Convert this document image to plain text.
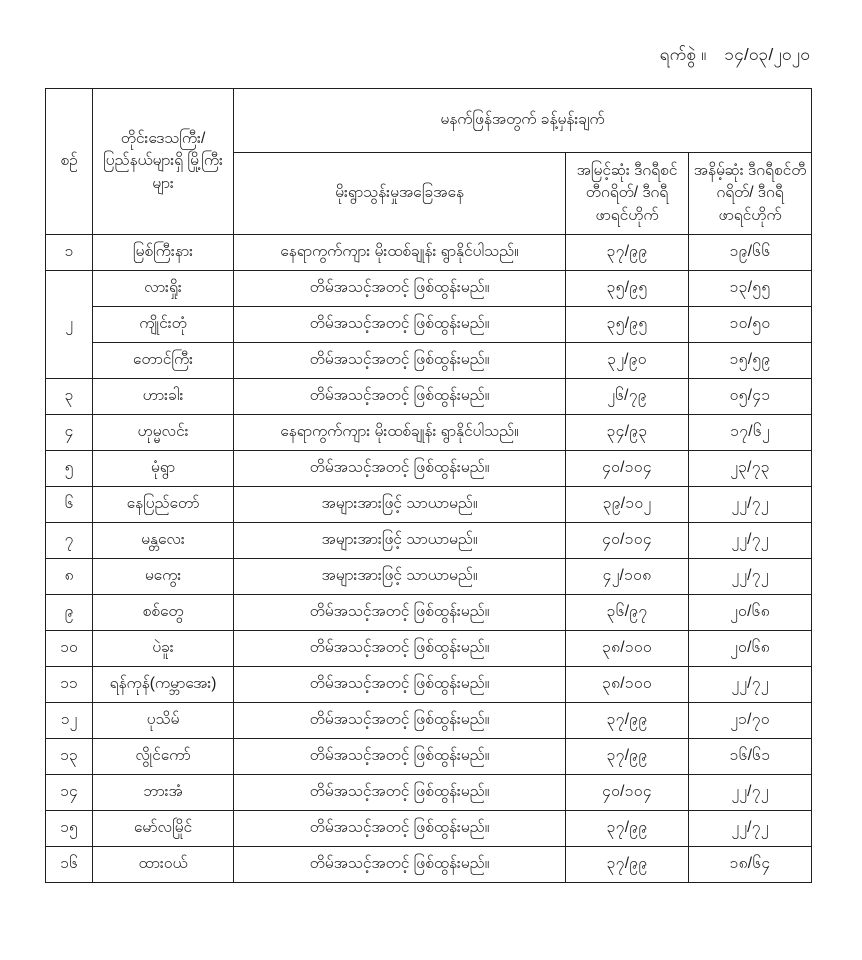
ရက်စွဲ ။ ၁၄/၀၃/၂၀၂၀
စဉ်	တိုင်းဒေသကြီး/ ပြည်နယ်များရှိ မြို့ကြီးများ	မနက်ဖြန်အတွက် ခန့်မှန်းချက်		
		မိုးရွာသွန်းမှုအခြေအနေ	အမြင့်ဆုံး ဒီဂရီစင်တီဂရိတ်/ ဒီဂရီဖာရင်ဟိုက်	အနိမ့်ဆုံး ဒီဂရီစင်တီဂရိတ်/ ဒီဂရီဖာရင်ဟိုက်
၁	မြစ်ကြီးနား	နေရာကွက်ကျား မိုးထစ်ချုန်း ရွာနိုင်ပါသည်။	၃၇/၉၉	၁၉/၆၆
၂	လားရှိုး	တိမ်အသင့်အတင့် ဖြစ်ထွန်းမည်။	၃၅/၉၅	၁၃/၅၅
	ကျိုင်းတုံ	တိမ်အသင့်အတင့် ဖြစ်ထွန်းမည်။	၃၅/၉၅	၁၀/၅၀
	တောင်ကြီး	တိမ်အသင့်အတင့် ဖြစ်ထွန်းမည်။	၃၂/၉၀	၁၅/၅၉
၃	ဟားခါး	တိမ်အသင့်အတင့် ဖြစ်ထွန်းမည်။	၂၆/၇၉	၀၅/၄၁
၄	ဟုမ္မလင်း	နေရာကွက်ကျား မိုးထစ်ချုန်း ရွာနိုင်ပါသည်။	၃၄/၉၃	၁၇/၆၂
၅	မုံရွာ	တိမ်အသင့်အတင့် ဖြစ်ထွန်းမည်။	၄၀/၁၀၄	၂၃/၇၃
၆	နေပြည်တော်	အများအားဖြင့် သာယာမည်။	၃၉/၁၀၂	၂၂/၇၂
၇	မန္တလေး	အများအားဖြင့် သာယာမည်။	၄၀/၁၀၄	၂၂/၇၂
၈	မကွေး	အများအားဖြင့် သာယာမည်။	၄၂/၁၀၈	၂၂/၇၂
၉	စစ်တွေ	တိမ်အသင့်အတင့် ဖြစ်ထွန်းမည်။	၃၆/၉၇	၂၀/၆၈
၁၀	ပဲခူး	တိမ်အသင့်အတင့် ဖြစ်ထွန်းမည်။	၃၈/၁၀၀	၂၀/၆၈
၁၁	ရန်ကုန်(ကမ္ဘာအေး)	တိမ်အသင့်အတင့် ဖြစ်ထွန်းမည်။	၃၈/၁၀၀	၂၂/၇၂
၁၂	ပုသိမ်	တိမ်အသင့်အတင့် ဖြစ်ထွန်းမည်။	၃၇/၉၉	၂၁/၇၀
၁၃	လွိုင်ကော်	တိမ်အသင့်အတင့် ဖြစ်ထွန်းမည်။	၃၇/၉၉	၁၆/၆၁
၁၄	ဘားအံ	တိမ်အသင့်အတင့် ဖြစ်ထွန်းမည်။	၄၀/၁၀၄	၂၂/၇၂
၁၅	မော်လမြိုင်	တိမ်အသင့်အတင့် ဖြစ်ထွန်းမည်။	၃၇/၉၉	၂၂/၇၂
၁၆	ထားဝယ်	တိမ်အသင့်အတင့် ဖြစ်ထွန်းမည်။	၃၇/၉၉	၁၈/၆၄
